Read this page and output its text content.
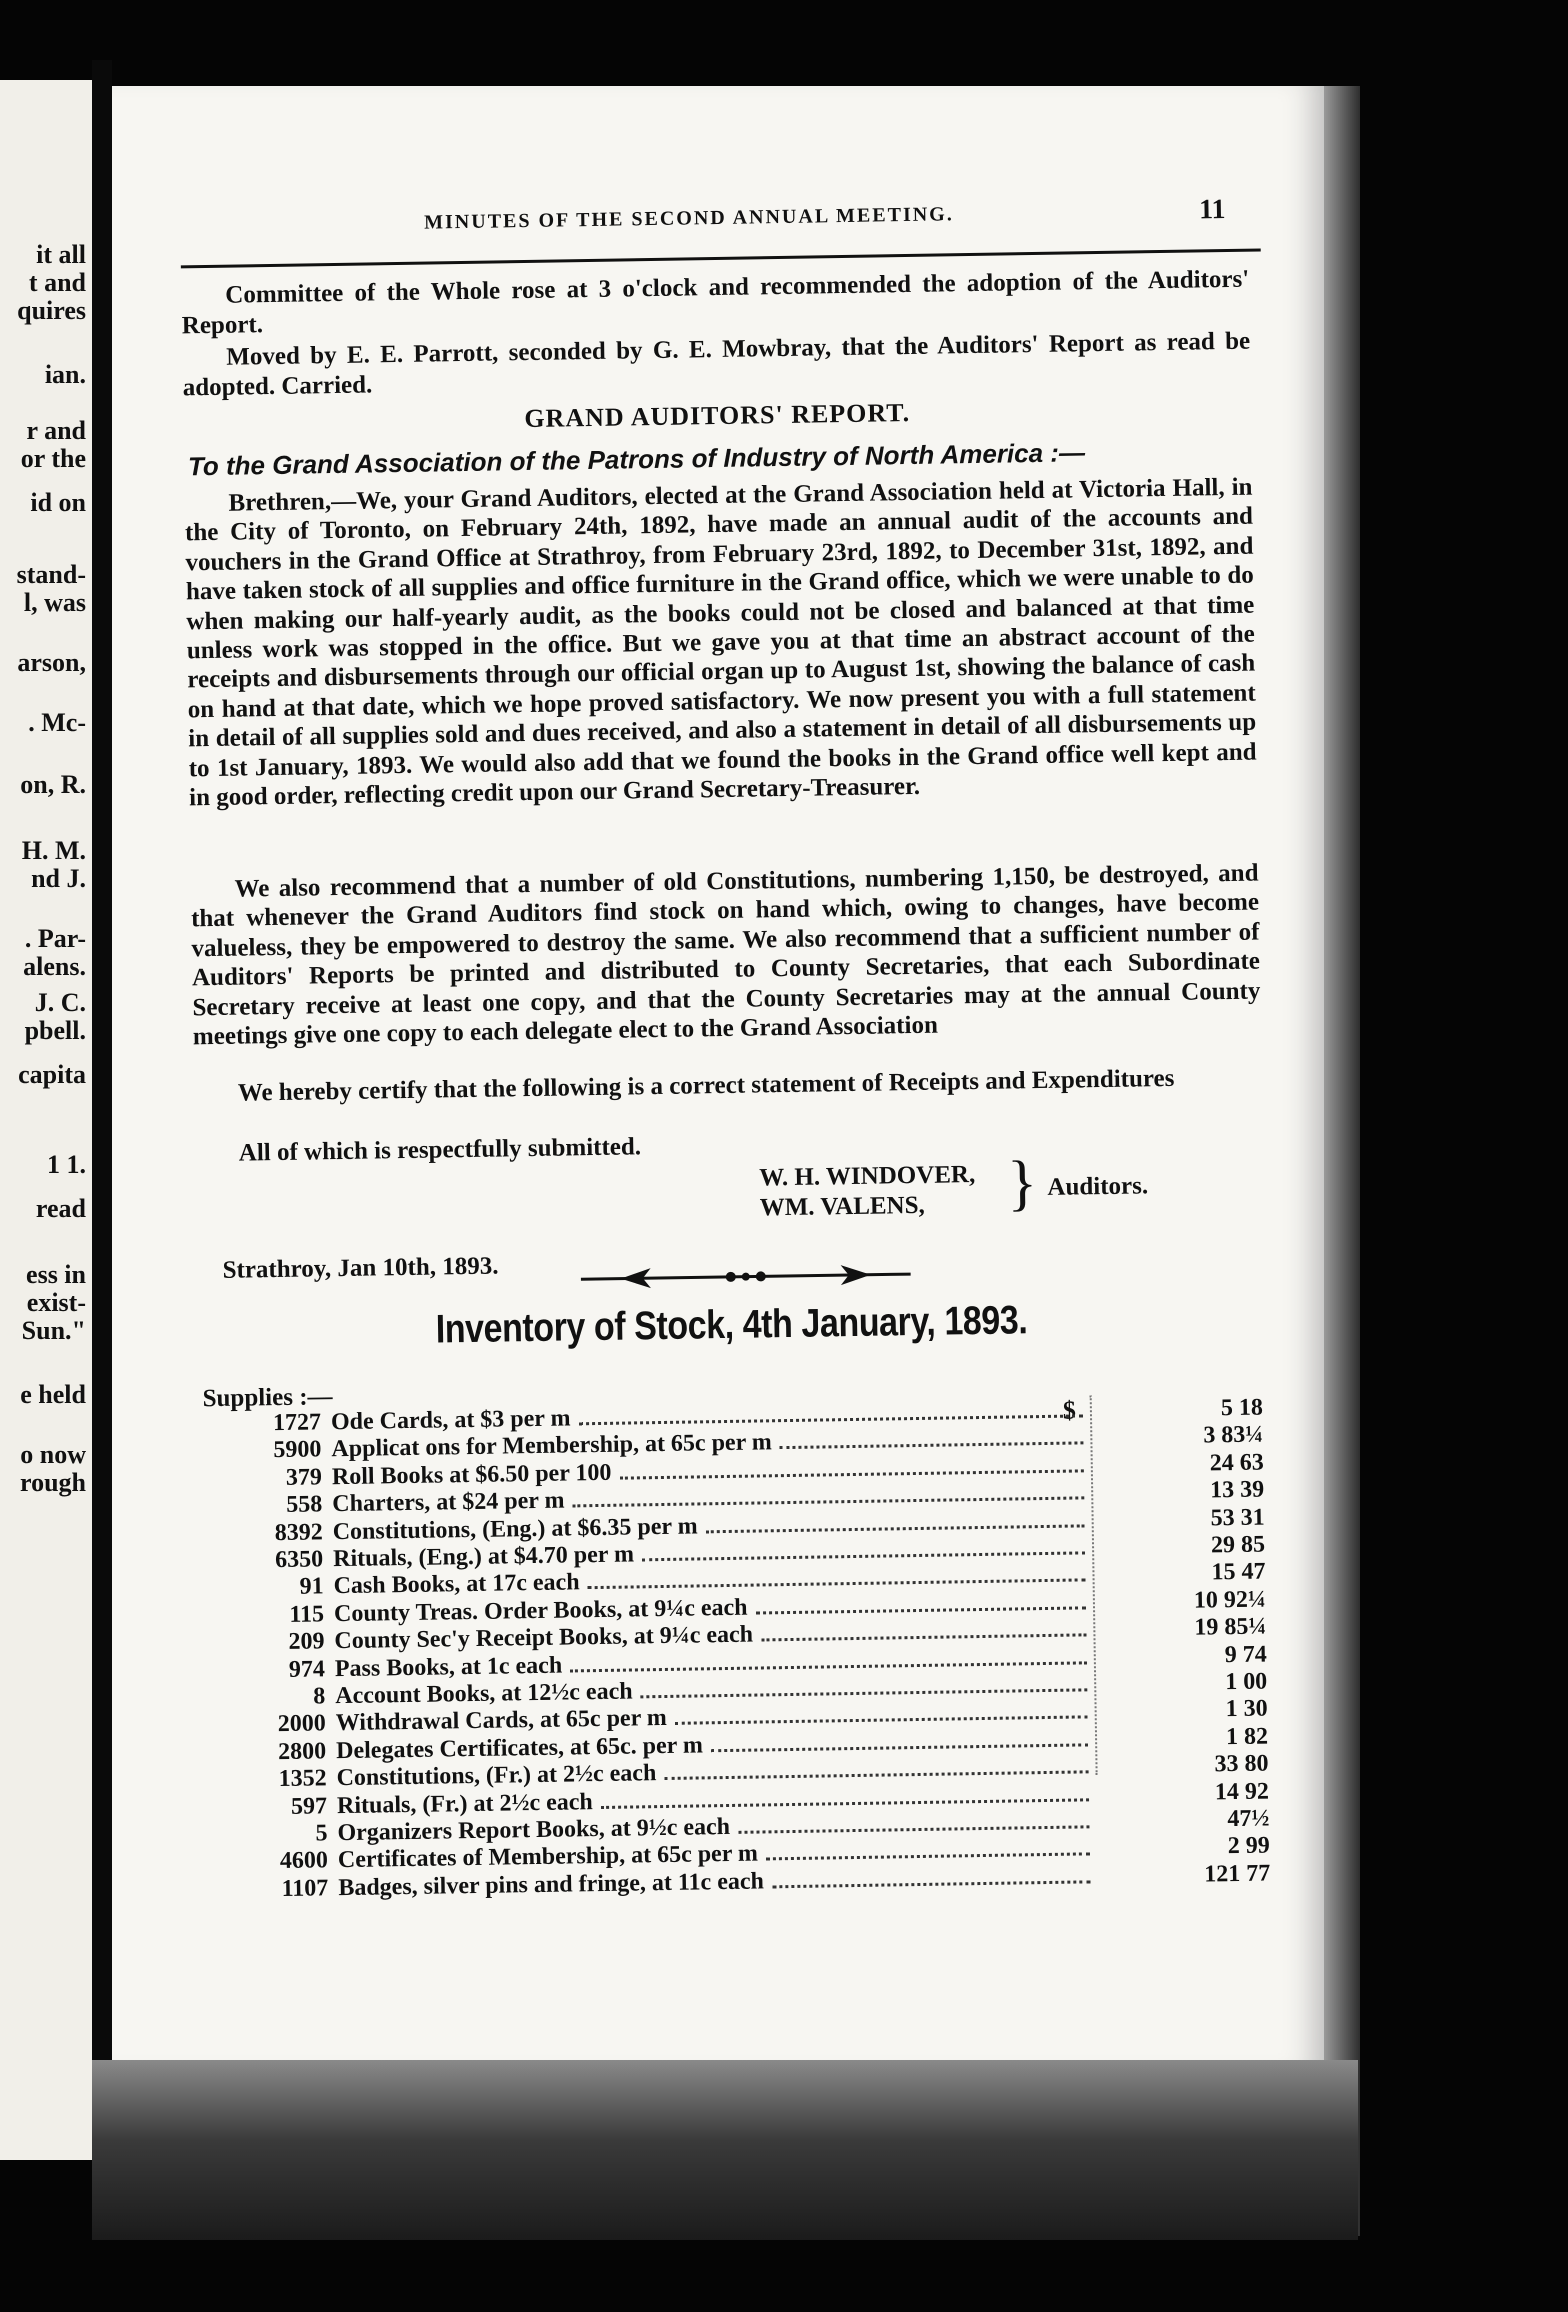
it all
t and
quires
ian.
r and
or the
id on
stand-
l, was
arson,
. Mc-
on, R.
H. M.
nd J.
. Par-
alens.
J. C.
pbell.
capita
1 1.
read
ess in
exist-
Sun."
e held
o now
rough
MINUTES OF THE SECOND ANNUAL MEETING.	11
Committee of the Whole rose at 3 o'clock and recommended the adoption of the Auditors' Report.
Moved by E. E. Parrott, seconded by G. E. Mowbray, that the Auditors' Report as read be adopted. Carried.
GRAND AUDITORS' REPORT.
To the Grand Association of the Patrons of Industry of North America :—
Brethren,—We, your Grand Auditors, elected at the Grand Association held at Victoria Hall, in the City of Toronto, on February 24th, 1892, have made an annual audit of the accounts and vouchers in the Grand Office at Strathroy, from February 23rd, 1892, to December 31st, 1892, and have taken stock of all supplies and office furniture in the Grand office, which we were unable to do when making our half-yearly audit, as the books could not be closed and balanced at that time unless work was stopped in the office. But we gave you at that time an abstract account of the receipts and disbursements through our official organ up to August 1st, showing the balance of cash on hand at that date, which we hope proved satisfactory. We now present you with a full statement in detail of all supplies sold and dues received, and also a statement in detail of all disbursements up to 1st January, 1893. We would also add that we found the books in the Grand office well kept and in good order, reflecting credit upon our Grand Secretary-Treasurer.
We also recommend that a number of old Constitutions, numbering 1,150, be destroyed, and that whenever the Grand Auditors find stock on hand which, owing to changes, have become valueless, they be empowered to destroy the same. We also recommend that a sufficient number of Auditors' Reports be printed and distributed to County Secretaries, that each Subordinate Secretary receive at least one copy, and that the County Secretaries may at the annual County meetings give one copy to each delegate elect to the Grand Association
We hereby certify that the following is a correct statement of Receipts and Expenditures
All of which is respectfully submitted.
W. H. WINDOVER,
WM. VALENS, } Auditors.
Strathroy, Jan 10th, 1893.
Inventory of Stock, 4th January, 1893.
Supplies :—	$
1727 Ode Cards, at $3 per m	5 18
5900 Applicat ons for Membership, at 65c per m	3 83¼
379 Roll Books at $6.50 per 100	24 63
558 Charters, at $24 per m	13 39
8392 Constitutions, (Eng.) at $6.35 per m	53 31
6350 Rituals, (Eng.) at $4.70 per m	29 85
91 Cash Books, at 17c each	15 47
115 County Treas. Order Books, at 9¼c each	10 92¼
209 County Sec'y Receipt Books, at 9¼c each	19 85¼
974 Pass Books, at 1c each	9 74
8 Account Books, at 12½c each	1 00
2000 Withdrawal Cards, at 65c per m	1 30
2800 Delegates Certificates, at 65c. per m	1 82
1352 Constitutions, (Fr.) at 2½c each	33 80
597 Rituals, (Fr.) at 2½c each	14 92
5 Organizers Report Books, at 9½c each	47½
4600 Certificates of Membership, at 65c per m	2 99
1107 Badges, silver pins and fringe, at 11c each	121 77
